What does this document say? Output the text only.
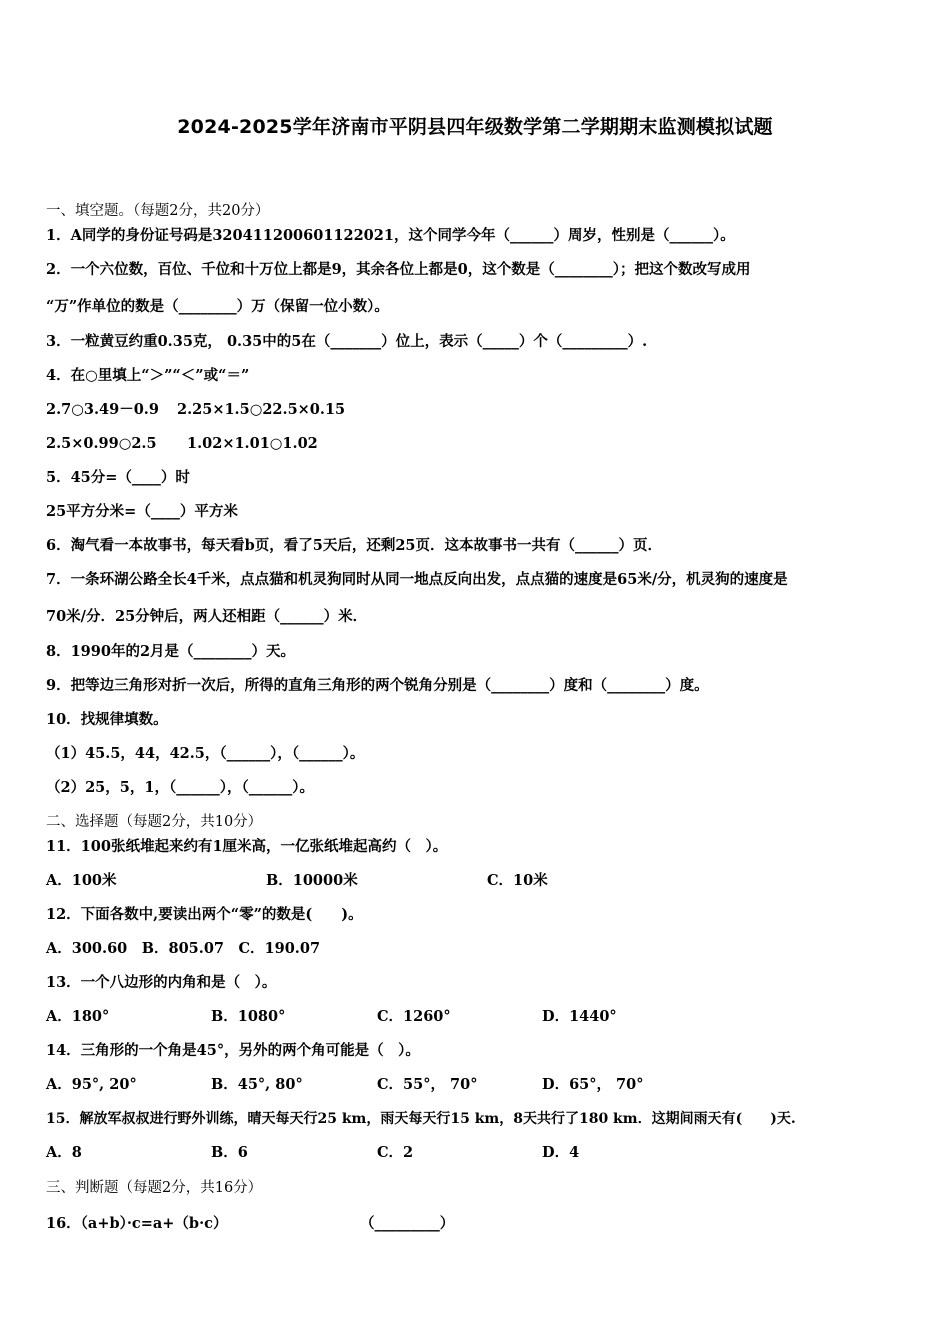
2024-2025学年济南市平阴县四年级数学第二学期期末监测模拟试题
一、填空题。（每题2分，共20分）
1．A同学的身份证号码是320411200601122021，这个同学今年（______）周岁，性别是（______）。
2．一个六位数，百位、千位和十万位上都是9，其余各位上都是0，这个数是（________）；把这个数改写成用
“万”作单位的数是（________）万（保留一位小数）。
3．一粒黄豆约重0.35克， 0.35中的5在（_______）位上，表示（_____）个（_________）.
4．在○里填上“＞”“＜”或“＝”
2.7○3.49－0.9 2.25×1.5○22.5×0.15
2.5×0.99○2.5 1.02×1.01○1.02
5．45分=（____）时
25平方分米=（____）平方米
6．淘气看一本故事书，每天看b页，看了5天后，还剩25页．这本故事书一共有（______）页．
7．一条环湖公路全长4千米，点点猫和机灵狗同时从同一地点反向出发，点点猫的速度是65米/分，机灵狗的速度是
70米/分．25分钟后，两人还相距（______）米．
8．1990年的2月是（________）天。
9．把等边三角形对折一次后，所得的直角三角形的两个锐角分别是（________）度和（________）度。
10．找规律填数。
（1）45.5，44，42.5，（______），（______）。
（2）25，5，1，（______），（______）。
二、选择题（每题2分，共10分）
11．100张纸堆起来约有1厘米高，一亿张纸堆起高约（　）。
A．100米	B．10000米	C．10米
12．下面各数中,要读出两个“零”的数是(　　)。
A．300.60　B．805.07　C．190.07
13．一个八边形的内角和是（　）。
A．180°	B．1080°	C．1260°	D．1440°
14．三角形的一个角是45°，另外的两个角可能是（　）。
A．95°, 20°	B．45°, 80°	C．55°， 70°	D．65°， 70°
15．解放军叔叔进行野外训练，晴天每天行25 km，雨天每天行15 km，8天共行了180 km．这期间雨天有(　　)天.
A．8	B．6	C．2	D．4
三、判断题（每题2分，共16分）
16．（a+b）·c=a+（b·c）	（_________）
